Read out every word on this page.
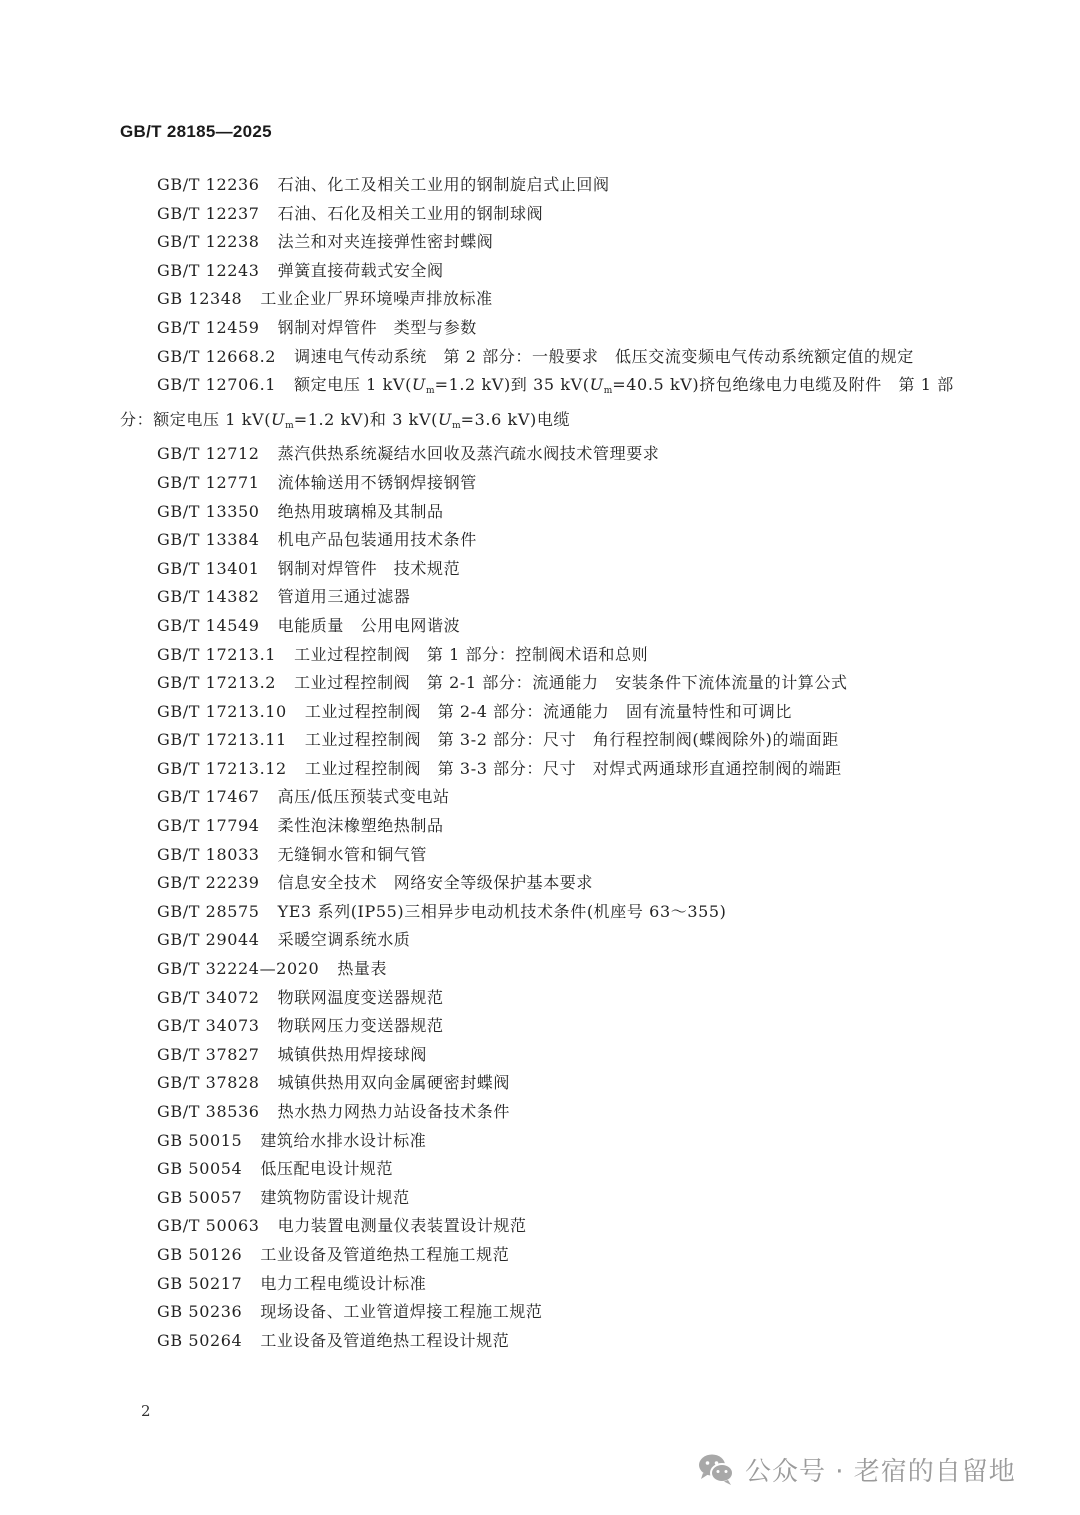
GB/T 28185—2025
GB/T 12236 石油、化工及相关工业用的钢制旋启式止回阀
GB/T 12237 石油、石化及相关工业用的钢制球阀
GB/T 12238 法兰和对夹连接弹性密封蝶阀
GB/T 12243 弹簧直接荷载式安全阀
GB 12348 工业企业厂界环境噪声排放标准
GB/T 12459 钢制对焊管件　类型与参数
GB/T 12668.2 调速电气传动系统　第 2 部分：一般要求　低压交流变频电气传动系统额定值的规定
GB/T 12706.1 额定电压 1 $kV(U_m=1.2$ kV)到 35 $kV(U_m=40.5$ kV)挤包绝缘电力电缆及附件　第 1 部分：额定电压 1 $kV(U_m=1.2$ kV)和 3 $kV(U_m=3.6$ kV)电缆
GB/T 12712 蒸汽供热系统凝结水回收及蒸汽疏水阀技术管理要求
GB/T 12771 流体输送用不锈钢焊接钢管
GB/T 13350 绝热用玻璃棉及其制品
GB/T 13384 机电产品包装通用技术条件
GB/T 13401 钢制对焊管件　技术规范
GB/T 14382 管道用三通过滤器
GB/T 14549 电能质量　公用电网谐波
GB/T 17213.1 工业过程控制阀　第 1 部分：控制阀术语和总则
GB/T 17213.2 工业过程控制阀　第 2-1 部分：流通能力　安装条件下流体流量的计算公式
GB/T 17213.10 工业过程控制阀　第 2-4 部分：流通能力　固有流量特性和可调比
GB/T 17213.11 工业过程控制阀　第 3-2 部分：尺寸　角行程控制阀(蝶阀除外)的端面距
GB/T 17213.12 工业过程控制阀　第 3-3 部分：尺寸　对焊式两通球形直通控制阀的端距
GB/T 17467 高压/低压预装式变电站
GB/T 17794 柔性泡沫橡塑绝热制品
GB/T 18033 无缝铜水管和铜气管
GB/T 22239 信息安全技术　网络安全等级保护基本要求
GB/T 28575 YE3 系列(IP55)三相异步电动机技术条件(机座号 63～355)
GB/T 29044 采暖空调系统水质
GB/T 32224—2020 热量表
GB/T 34072 物联网温度变送器规范
GB/T 34073 物联网压力变送器规范
GB/T 37827 城镇供热用焊接球阀
GB/T 37828 城镇供热用双向金属硬密封蝶阀
GB/T 38536 热水热力网热力站设备技术条件
GB 50015 建筑给水排水设计标准
GB 50054 低压配电设计规范
GB 50057 建筑物防雷设计规范
GB/T 50063 电力装置电测量仪表装置设计规范
GB 50126 工业设备及管道绝热工程施工规范
GB 50217 电力工程电缆设计标准
GB 50236 现场设备、工业管道焊接工程施工规范
GB 50264 工业设备及管道绝热工程设计规范
2
公众号 · 老宿的自留地
